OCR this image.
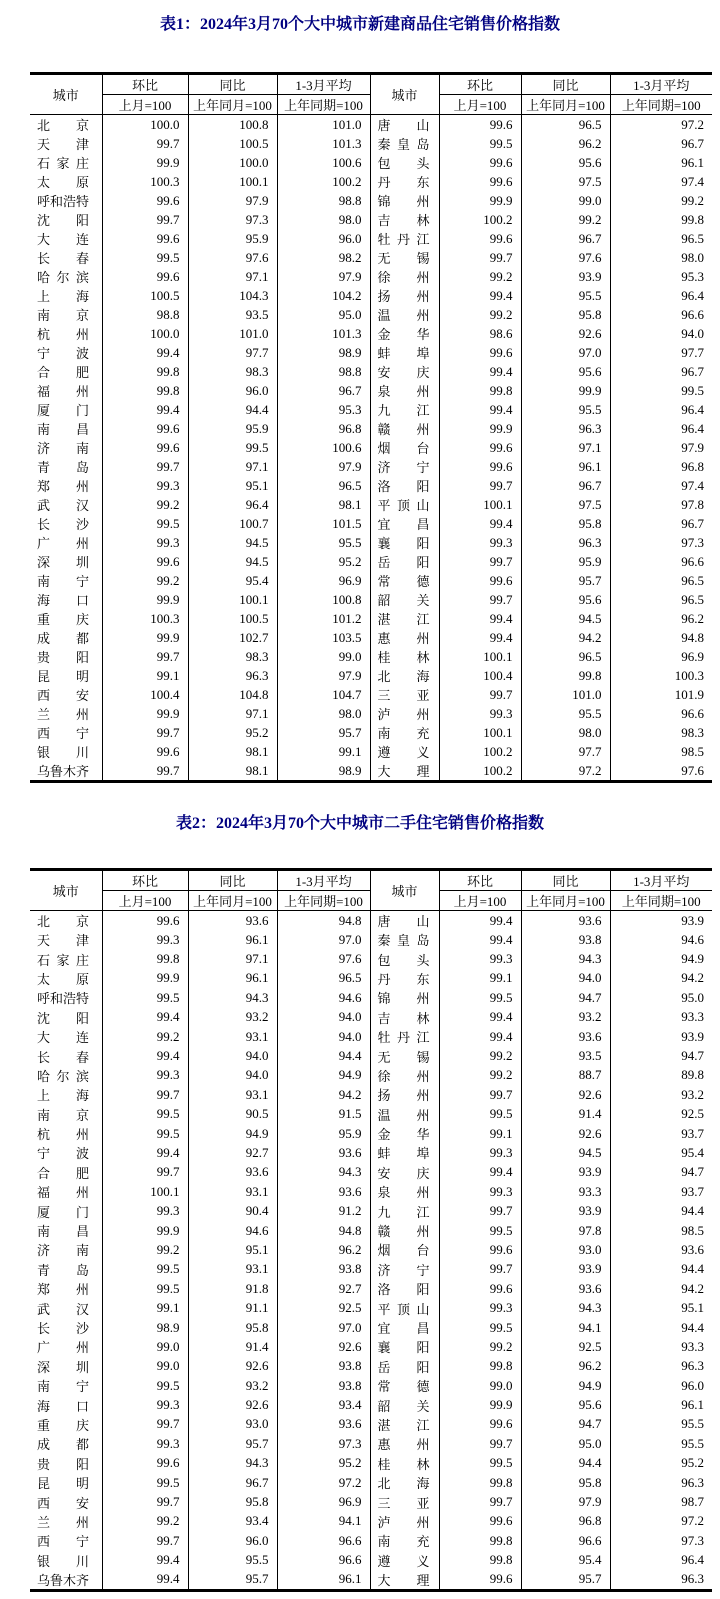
表1：2024年3月70个大中城市新建商品住宅销售价格指数
城市	环比	同比	1-3月平均	城市	环比	同比	1-3月平均
	上月=100	上年同月=100	上年同期=100		上月=100	上年同月=100	上年同期=100
北京	100.0	100.8	101.0	唐山	99.6	96.5	97.2
天津	99.7	100.5	101.3	秦皇岛	99.5	96.2	96.7
石家庄	99.9	100.0	100.6	包头	99.6	95.6	96.1
太原	100.3	100.1	100.2	丹东	99.6	97.5	97.4
呼和浩特	99.6	97.9	98.8	锦州	99.9	99.0	99.2
沈阳	99.7	97.3	98.0	吉林	100.2	99.2	99.8
大连	99.6	95.9	96.0	牡丹江	99.6	96.7	96.5
长春	99.5	97.6	98.2	无锡	99.7	97.6	98.0
哈尔滨	99.6	97.1	97.9	徐州	99.2	93.9	95.3
上海	100.5	104.3	104.2	扬州	99.4	95.5	96.4
南京	98.8	93.5	95.0	温州	99.2	95.8	96.6
杭州	100.0	101.0	101.3	金华	98.6	92.6	94.0
宁波	99.4	97.7	98.9	蚌埠	99.6	97.0	97.7
合肥	99.8	98.3	98.8	安庆	99.4	95.6	96.7
福州	99.8	96.0	96.7	泉州	99.8	99.9	99.5
厦门	99.4	94.4	95.3	九江	99.4	95.5	96.4
南昌	99.6	95.9	96.8	赣州	99.9	96.3	96.4
济南	99.6	99.5	100.6	烟台	99.6	97.1	97.9
青岛	99.7	97.1	97.9	济宁	99.6	96.1	96.8
郑州	99.3	95.1	96.5	洛阳	99.7	96.7	97.4
武汉	99.2	96.4	98.1	平顶山	100.1	97.5	97.8
长沙	99.5	100.7	101.5	宜昌	99.4	95.8	96.7
广州	99.3	94.5	95.5	襄阳	99.3	96.3	97.3
深圳	99.6	94.5	95.2	岳阳	99.7	95.9	96.6
南宁	99.2	95.4	96.9	常德	99.6	95.7	96.5
海口	99.9	100.1	100.8	韶关	99.7	95.6	96.5
重庆	100.3	100.5	101.2	湛江	99.4	94.5	96.2
成都	99.9	102.7	103.5	惠州	99.4	94.2	94.8
贵阳	99.7	98.3	99.0	桂林	100.1	96.5	96.9
昆明	99.1	96.3	97.9	北海	100.4	99.8	100.3
西安	100.4	104.8	104.7	三亚	99.7	101.0	101.9
兰州	99.9	97.1	98.0	泸州	99.3	95.5	96.6
西宁	99.7	95.2	95.7	南充	100.1	98.0	98.3
银川	99.6	98.1	99.1	遵义	100.2	97.7	98.5
乌鲁木齐	99.7	98.1	98.9	大理	100.2	97.2	97.6
表2：2024年3月70个大中城市二手住宅销售价格指数
城市	环比	同比	1-3月平均	城市	环比	同比	1-3月平均
	上月=100	上年同月=100	上年同期=100		上月=100	上年同月=100	上年同期=100
北京	99.6	93.6	94.8	唐山	99.4	93.6	93.9
天津	99.3	96.1	97.0	秦皇岛	99.4	93.8	94.6
石家庄	99.8	97.1	97.6	包头	99.3	94.3	94.9
太原	99.9	96.1	96.5	丹东	99.1	94.0	94.2
呼和浩特	99.5	94.3	94.6	锦州	99.5	94.7	95.0
沈阳	99.4	93.2	94.0	吉林	99.4	93.2	93.3
大连	99.2	93.1	94.0	牡丹江	99.4	93.6	93.9
长春	99.4	94.0	94.4	无锡	99.2	93.5	94.7
哈尔滨	99.3	94.0	94.9	徐州	99.2	88.7	89.8
上海	99.7	93.1	94.2	扬州	99.7	92.6	93.2
南京	99.5	90.5	91.5	温州	99.5	91.4	92.5
杭州	99.5	94.9	95.9	金华	99.1	92.6	93.7
宁波	99.4	92.7	93.6	蚌埠	99.3	94.5	95.4
合肥	99.7	93.6	94.3	安庆	99.4	93.9	94.7
福州	100.1	93.1	93.6	泉州	99.3	93.3	93.7
厦门	99.3	90.4	91.2	九江	99.7	93.9	94.4
南昌	99.9	94.6	94.8	赣州	99.5	97.8	98.5
济南	99.2	95.1	96.2	烟台	99.6	93.0	93.6
青岛	99.5	93.1	93.8	济宁	99.7	93.9	94.4
郑州	99.5	91.8	92.7	洛阳	99.6	93.6	94.2
武汉	99.1	91.1	92.5	平顶山	99.3	94.3	95.1
长沙	98.9	95.8	97.0	宜昌	99.5	94.1	94.4
广州	99.0	91.4	92.6	襄阳	99.2	92.5	93.3
深圳	99.0	92.6	93.8	岳阳	99.8	96.2	96.3
南宁	99.5	93.2	93.8	常德	99.0	94.9	96.0
海口	99.3	92.6	93.4	韶关	99.9	95.6	96.1
重庆	99.7	93.0	93.6	湛江	99.6	94.7	95.5
成都	99.3	95.7	97.3	惠州	99.7	95.0	95.5
贵阳	99.6	94.3	95.2	桂林	99.5	94.4	95.2
昆明	99.5	96.7	97.2	北海	99.8	95.8	96.3
西安	99.7	95.8	96.9	三亚	99.7	97.9	98.7
兰州	99.2	93.4	94.1	泸州	99.6	96.8	97.2
西宁	99.7	96.0	96.6	南充	99.8	96.6	97.3
银川	99.4	95.5	96.6	遵义	99.8	95.4	96.4
乌鲁木齐	99.4	95.7	96.1	大理	99.6	95.7	96.3
